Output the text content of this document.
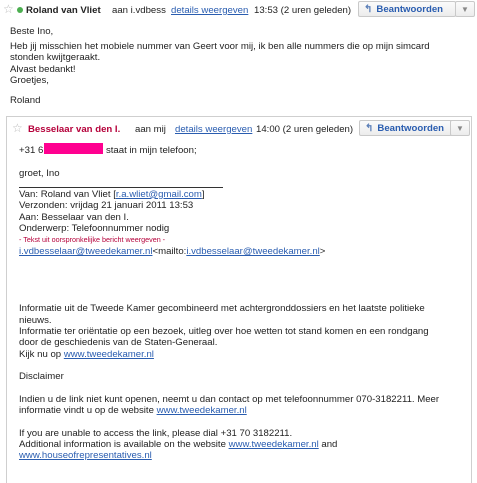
☆ Roland van Vliet aan i.vdbess details weergeven 13:53 (2 uren geleden) ↰ Beantwoorden ▼
Beste Ino,
Heb jij misschien het mobiele nummer van Geert voor mij, ik ben alle nummers die op mijn simcard
stonden kwijtgeraakt.
Alvast bedankt!
Groetjes,
Roland
☆ Besselaar van den I. aan mij details weergeven 14:00 (2 uren geleden) ↰ Beantwoorden ▼
+31 6	staat in mijn telefoon;
groet, Ino
Van: Roland van Vliet [r.a.wliet@gmail.com]
Verzonden: vrijdag 21 januari 2011 13:53
Aan: Besselaar van den I.
Onderwerp: Telefoonnummer nodig
- Tekst uit oorspronkelijke bericht weergeven -
i.vdbesselaar@tweedekamer.nl<mailto:i.vdbesselaar@tweedekamer.nl>
Informatie uit de Tweede Kamer gecombineerd met achtergronddossiers en het laatste politieke
nieuws.
Informatie ter oriëntatie op een bezoek, uitleg over hoe wetten tot stand komen en een rondgang
door de geschiedenis van de Staten-Generaal.
Kijk nu op www.tweedekamer.nl
Disclaimer
Indien u de link niet kunt openen, neemt u dan contact op met telefoonnummer 070-3182211. Meer
informatie vindt u op de website www.tweedekamer.nl
If you are unable to access the link, please dial +31 70 3182211.
Additional information is available on the website www.tweedekamer.nl and
www.houseofrepresentatives.nl
